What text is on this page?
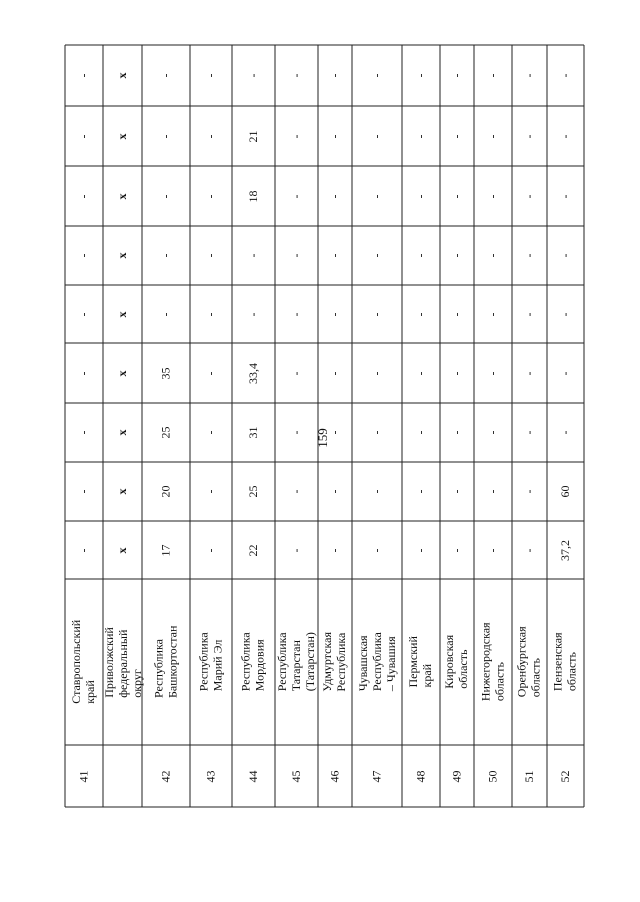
159
41
Ставропольский край
-
-
-
-
-
-
-
-
-
Приволжский федеральный округ
x
x
x
x
x
x
x
x
x
42
Республика Башкортостан
17
20
25
35
-
-
-
-
-
43
Республика Марий Эл
-
-
-
-
-
-
-
-
-
44
Республика Мордовия
22
25
31
33,4
-
-
18
21
-
45
Республика Татарстан (Татарстан)
-
-
-
-
-
-
-
-
-
46
Удмуртская Республика
-
-
-
-
-
-
-
-
-
47
Чувашская Республика – Чувашия
-
-
-
-
-
-
-
-
-
48
Пермский край
-
-
-
-
-
-
-
-
-
49
Кировская область
-
-
-
-
-
-
-
-
-
50
Нижегородская область
-
-
-
-
-
-
-
-
-
51
Оренбургская область
-
-
-
-
-
-
-
-
-
52
Пензенская область
37,2
60
-
-
-
-
-
-
-
